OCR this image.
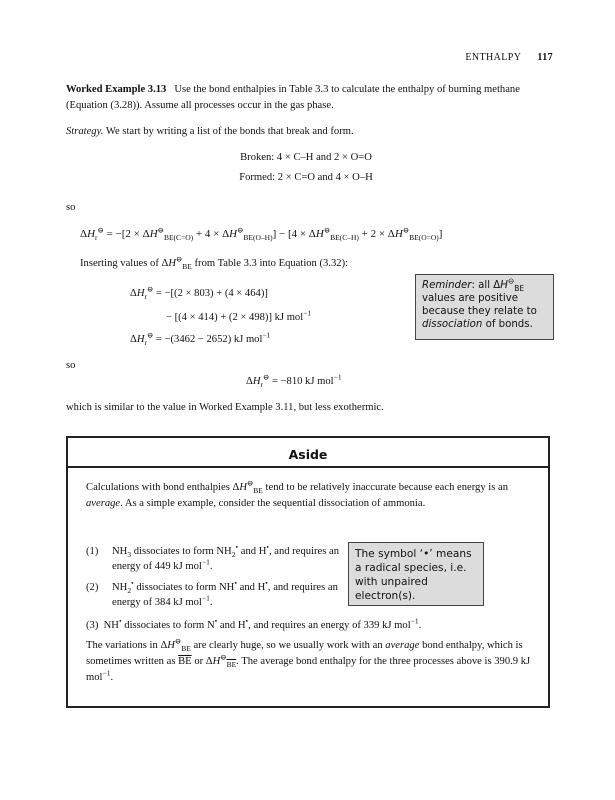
ENTHALPY 117
Worked Example 3.13 Use the bond enthalpies in Table 3.3 to calculate the enthalpy of burning methane (Equation (3.28)). Assume all processes occur in the gas phase.
Strategy. We start by writing a list of the bonds that break and form.
Broken: 4 × C–H and 2 × O=O
Formed: 2 × C=O and 4 × O–H
so
$\Delta H_r^⊖ = -[2 \times \Delta H^⊖_{BE(C=O)} + 4 \times \Delta H^⊖_{BE(O-H)}] - [4 \times \Delta H^⊖_{BE(C-H)} + 2 \times \Delta H^⊖_{BE(O=O)}]$
Inserting values of $\Delta H^⊖_{BE}$ from Table 3.3 into Equation (3.32):
$\Delta H_r^⊖ = -[(2 \times 803) + (4 \times 464)]$
− [(4 × 414) + (2 × 498)] kJ mol$^{-1}$
$\Delta H_r^⊖ = -(3462 - 2652)$ kJ mol$^{-1}$
Reminder: all $\Delta H^⊖_{BE}$ values are positive because they relate to dissociation of bonds.
so
$\Delta H_r^⊖ = -810$ kJ mol$^{-1}$
which is similar to the value in Worked Example 3.11, but less exothermic.
Aside
Calculations with bond enthalpies $\Delta H^⊖_{BE}$ tend to be relatively inaccurate because each energy is an average. As a simple example, consider the sequential dissociation of ammonia.
(1) $NH_3$ dissociates to form $NH_2^•$ and H•, and requires an energy of 449 kJ mol$^{-1}$.
(2) $NH_2^•$ dissociates to form NH• and H•, and requires an energy of 384 kJ mol$^{-1}$.
(3) NH• dissociates to form N• and H•, and requires an energy of 339 kJ mol$^{-1}$.
The symbol ‘•’ means a radical species, i.e. with unpaired electron(s).
The variations in $\Delta H^⊖_{BE}$ are clearly huge, so we usually work with an average bond enthalpy, which is sometimes written as $\overline{BE}$ or $\Delta H^⊖_{\overline{BE}}$. The average bond enthalpy for the three processes above is 390.9 kJ mol$^{-1}$.
